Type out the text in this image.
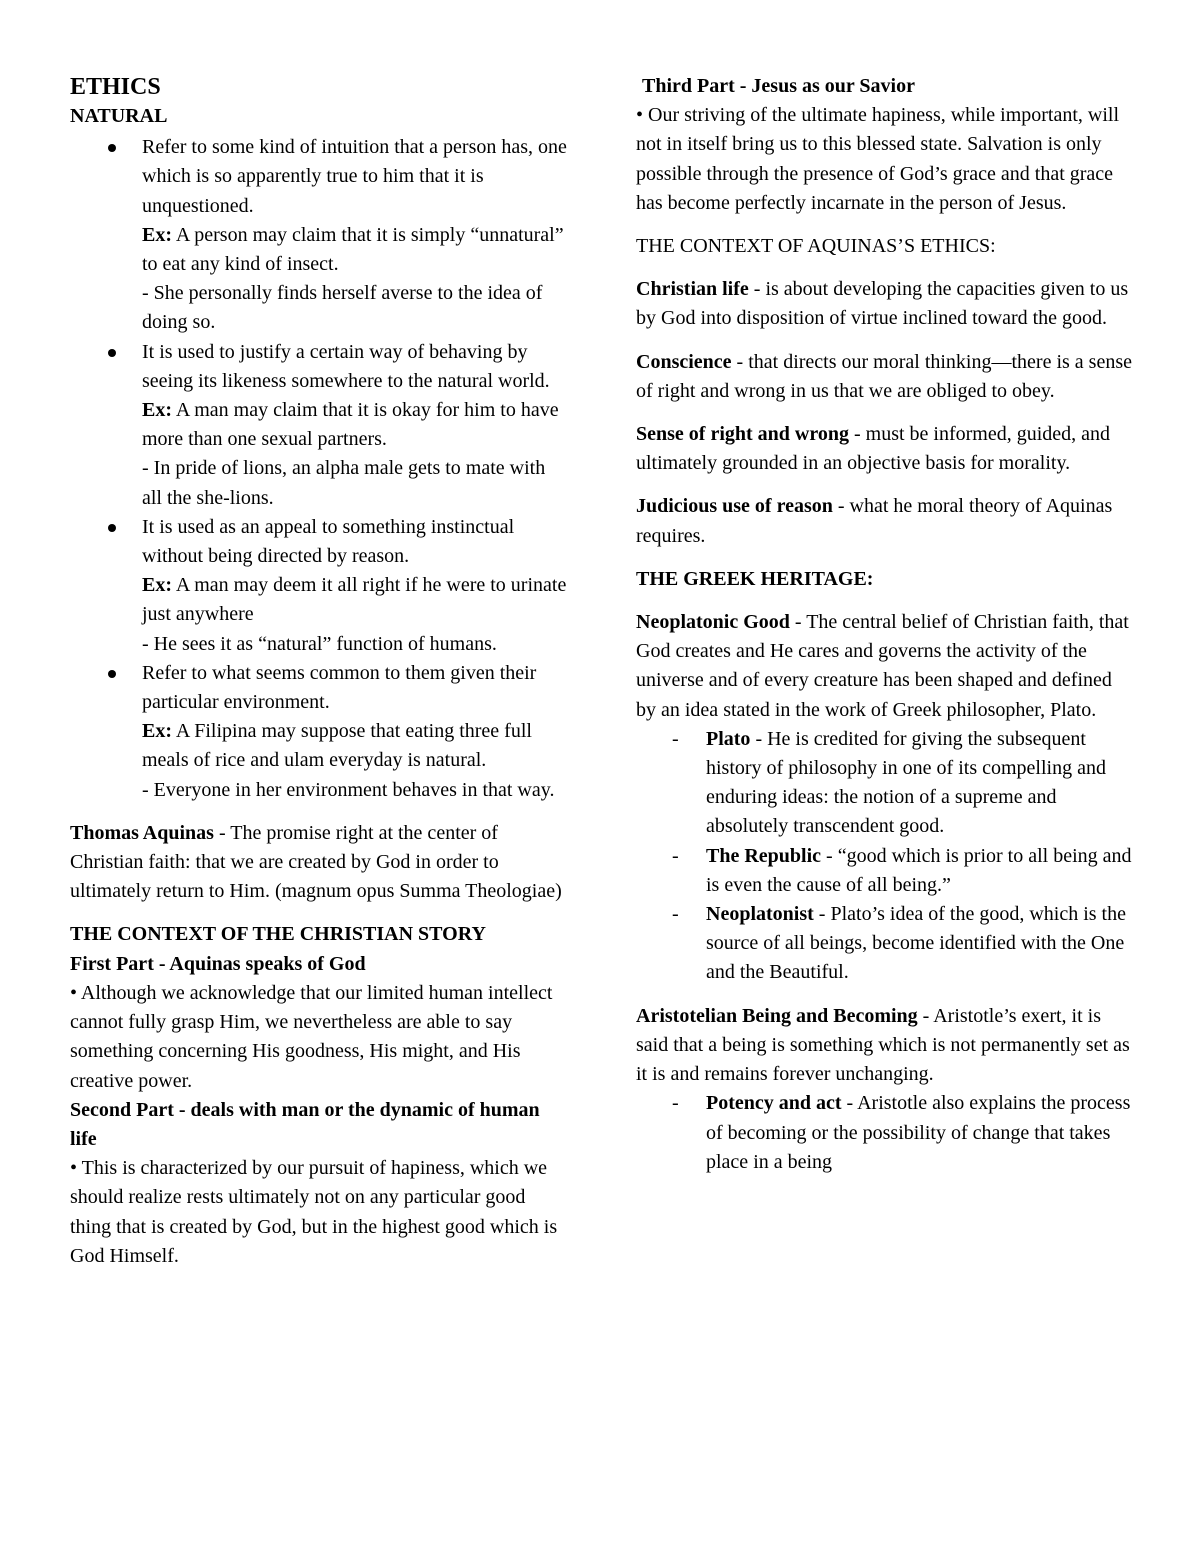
ETHICS
NATURAL
Refer to some kind of intuition that a person has, one which is so apparently true to him that it is unquestioned.
Ex: A person may claim that it is simply “unnatural” to eat any kind of insect.
- She personally finds herself averse to the idea of doing so.
It is used to justify a certain way of behaving by seeing its likeness somewhere to the natural world.
Ex: A man may claim that it is okay for him to have more than one sexual partners.
- In pride of lions, an alpha male gets to mate with all the she-lions.
It is used as an appeal to something instinctual without being directed by reason.
Ex: A man may deem it all right if he were to urinate just anywhere
- He sees it as “natural” function of humans.
Refer to what seems common to them given their particular environment.
Ex: A Filipina may suppose that eating three full meals of rice and ulam everyday is natural.
- Everyone in her environment behaves in that way.

Thomas Aquinas - The promise right at the center of Christian faith: that we are created by God in order to ultimately return to Him. (magnum opus Summa Theologiae)

THE CONTEXT OF THE CHRISTIAN STORY
First Part - Aquinas speaks of God

• Although we acknowledge that our limited human intellect cannot fully grasp Him, we nevertheless are able to say something concerning His goodness, His might, and His creative power.

Second Part - deals with man or the dynamic of human life

• This is characterized by our pursuit of hapiness, which we should realize rests ultimately not on any particular good thing that is created by God, but in the highest good which is God Himself.

Third Part - Jesus as our Savior

• Our striving of the ultimate hapiness, while important, will not in itself bring us to this blessed state. Salvation is only possible through the presence of God’s grace and that grace has become perfectly incarnate in the person of Jesus.

THE CONTEXT OF AQUINAS’S ETHICS:

Christian life - is about developing the capacities given to us by God into disposition of virtue inclined toward the good.

Conscience - that directs our moral thinking—there is a sense of right and wrong in us that we are obliged to obey.

Sense of right and wrong - must be informed, guided, and ultimately grounded in an objective basis for morality.

Judicious use of reason - what he moral theory of Aquinas requires.

THE GREEK HERITAGE:

Neoplatonic Good - The central belief of Christian faith, that God creates and He cares and governs the activity of the universe and of every creature has been shaped and defined by an idea stated in the work of Greek philosopher, Plato.

- Plato - He is credited for giving the subsequent history of philosophy in one of its compelling and enduring ideas: the notion of a supreme and absolutely transcendent good.
- The Republic - “good which is prior to all being and is even the cause of all being.”
- Neoplatonist - Plato’s idea of the good, which is the source of all beings, become identified with the One and the Beautiful.

Aristotelian Being and Becoming - Aristotle’s exert, it is said that a being is something which is not permanently set as it is and remains forever unchanging.

- Potency and act - Aristotle also explains the process of becoming or the possibility of change that takes place in a being
